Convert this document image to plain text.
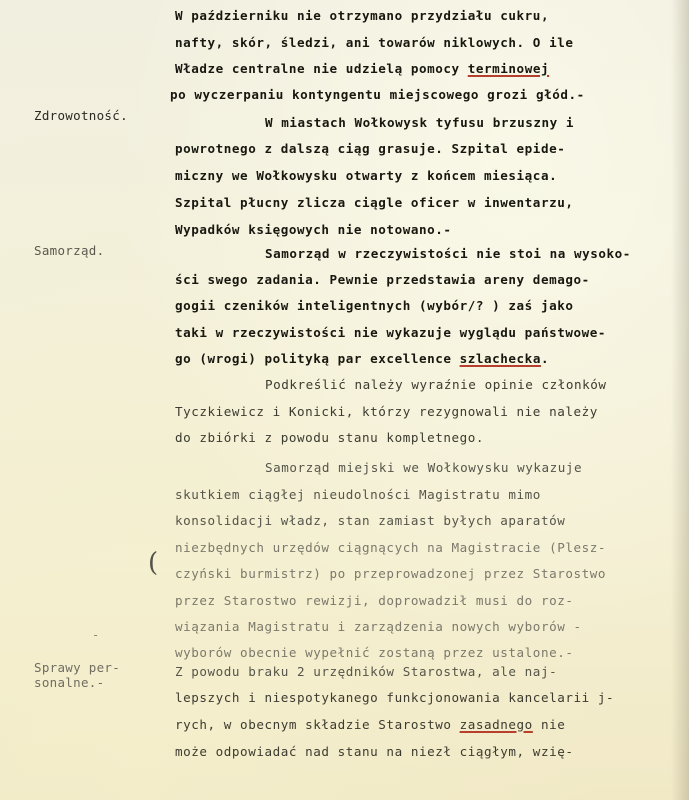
Zdrowotność.
Samorząd.
Sprawy per-
sonalne.-
(
-
W październiku nie otrzymano przydziału cukru,
nafty, skór, śledzi, ani towarów niklowych. O ile
Władze centralne nie udzielą pomocy terminowej
po wyczerpaniu kontyngentu miejscowego grozi głód.-
W miastach Wołkowysk tyfusu brzuszny i
powrotnego z dalszą ciąg grasuje. Szpital epide-
miczny we Wołkowysku otwarty z końcem miesiąca.
Szpital płucny zlicza ciągle oficer w inwentarzu,
Wypadków księgowych nie notowano.-
Samorząd w rzeczywistości nie stoi na wysoko-
ści swego zadania. Pewnie przedstawia areny demago-
gogii czeników inteligentnych (wybór/? ) zaś jako
taki w rzeczywistości nie wykazuje wyglądu państwowe-
go (wrogi) polityką par excellence szlachecka.
Podkreślić należy wyraźnie opinie członków
Tyczkiewicz i Konicki, którzy rezygnowali nie należy
do zbiórki z powodu stanu kompletnego.
Samorząd miejski we Wołkowysku wykazuje
skutkiem ciągłej nieudolności Magistratu mimo
konsolidacji władz, stan zamiast byłych aparatów
niezbędnych urzędów ciągnących na Magistracie (Plesz-
czyński burmistrz) po przeprowadzonej przez Starostwo
przez Starostwo rewizji, doprowadził musi do roz-
wiązania Magistratu i zarządzenia nowych wyborów -
wyborów obecnie wypełnić zostaną przez ustalone.-
Z powodu braku 2 urzędników Starostwa, ale naj-
lepszych i niespotykanego funkcjonowania kancelarii j-
rych, w obecnym składzie Starostwo zasadnego nie
może odpowiadać nad stanu na niezł ciągłym, wzię-
